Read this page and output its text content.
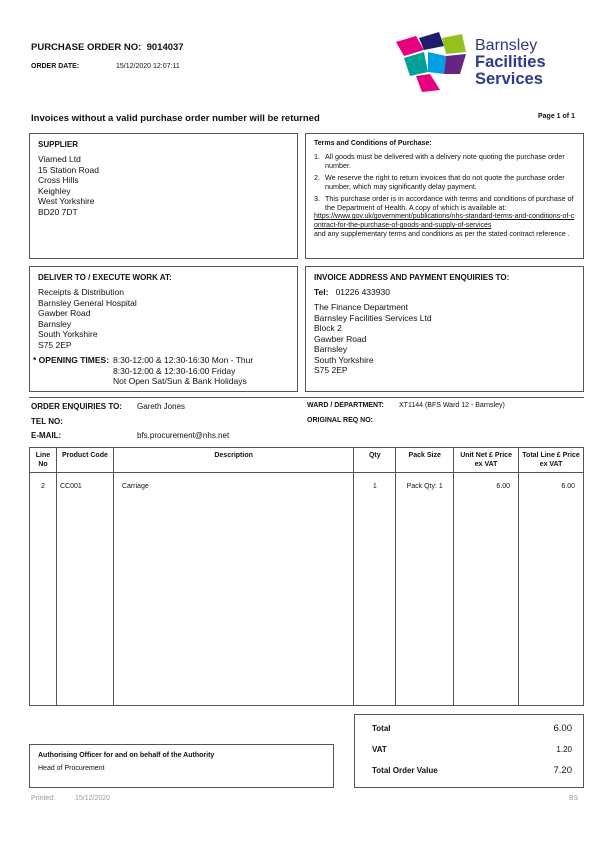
PURCHASE ORDER NO: 9014037
ORDER DATE:	15/12/2020 12:07:11
Barnsley
Facilities
Services
Invoices without a valid purchase order number will be returned	Page 1 of 1
SUPPLIER
Viamed Ltd
15 Station Road
Cross Hills
Keighley
West Yorkshire
BD20 7DT
Terms and Conditions of Purchase:
1. All goods must be delivered with a delivery note quoting the purchase order number.
2. We reserve the right to return invoices that do not quote the purchase order number, which may significantly delay payment.
3. This purchase order is in accordance with terms and conditions of purchase of the Department of Health. A copy of which is available at:
https://www.gov.uk/government/publications/nhs-standard-terms-and-conditions-of-contract-for-the-purchase-of-goods-and-supply-of-services
and any supplementary terms and conditions as per the stated contract reference .
DELIVER TO / EXECUTE WORK AT:
Receipts & Distribution
Barnsley General Hospital
Gawber Road
Barnsley
South Yorkshire
S75 2EP
* OPENING TIMES: 8:30-12:00 & 12:30-16:30 Mon - Thur
8:30-12:00 & 12:30-16:00 Friday
Not Open Sat/Sun & Bank Holidays
INVOICE ADDRESS AND PAYMENT ENQUIRIES TO:
Tel: 01226 433930
The Finance Department
Barnsley Facilities Services Ltd
Block 2
Gawber Road
Barnsley
South Yorkshire
S75 2EP
ORDER ENQUIRIES TO: Gareth Jones
TEL NO:
E-MAIL:	bfs.procurement@nhs.net
WARD / DEPARTMENT: XT1144 (BFS Ward 12 - Barnsley)
ORIGINAL REQ NO:
Line No	Product Code	Description	Qty	Pack Size	Unit Net £ Price ex VAT	Total Line £ Price ex VAT
2	CC001	Carriage	1	Pack Qty: 1	6.00	6.00
Authorising Officer for and on behalf of the Authority
Head of Procurement
Total	6.00
VAT	1.20
Total Order Value	7.20
Printed:	15/12/2020	BS
